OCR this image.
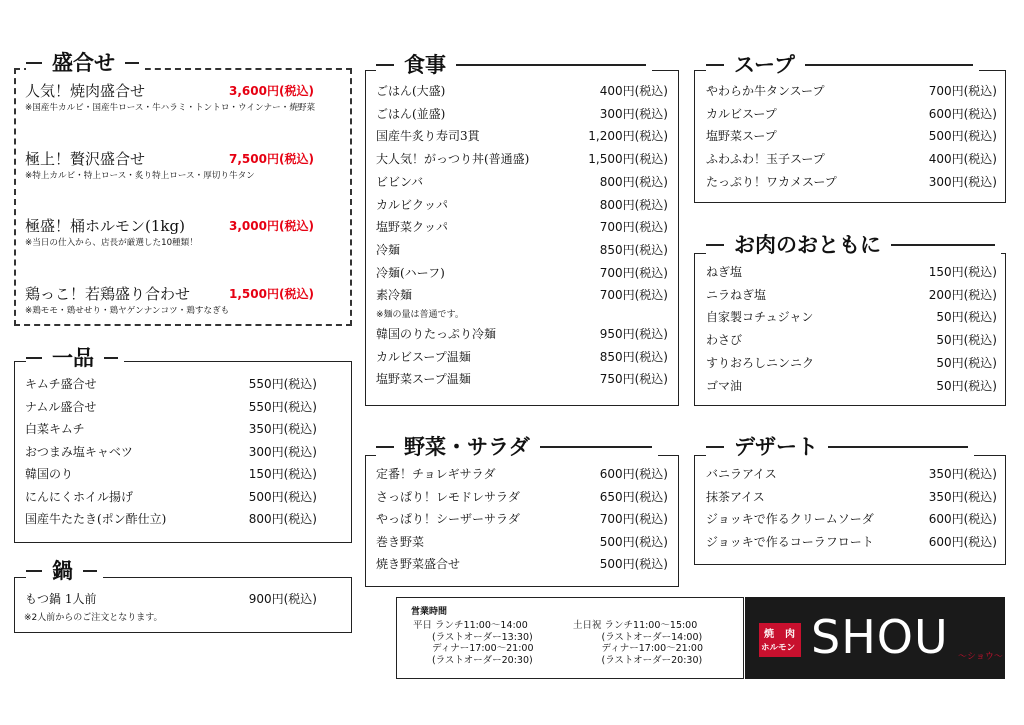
盛合せ
人気！焼肉盛合せ	3,600円(税込)
※国産牛カルビ・国産牛ロース・牛ハラミ・トントロ・ウインナー・焼野菜
極上！贅沢盛合せ	7,500円(税込)
※特上カルビ・特上ロース・炙り特上ロース・厚切り牛タン
極盛！桶ホルモン(1kg)	3,000円(税込)
※当日の仕入から、店長が厳選した10種類！
鶏っこ！若鶏盛り合わせ	1,500円(税込)
※鶏モモ・鶏せせり・鶏ヤゲンナンコツ・鶏すなぎも
一品
キムチ盛合せ	550円(税込)
ナムル盛合せ	550円(税込)
白菜キムチ	350円(税込)
おつまみ塩キャベツ	300円(税込)
韓国のり	150円(税込)
にんにくホイル揚げ	500円(税込)
国産牛たたき(ポン酢仕立)	800円(税込)
鍋
もつ鍋 1人前	900円(税込)
※2人前からのご注文となります。
食事
ごはん(大盛)	400円(税込)
ごはん(並盛)	300円(税込)
国産牛炙り寿司3貫	1,200円(税込)
大人気！がっつり丼(普通盛)	1,500円(税込)
ビビンバ	800円(税込)
カルビクッパ	800円(税込)
塩野菜クッパ	700円(税込)
冷麺	850円(税込)
冷麺(ハーフ)	700円(税込)
素冷麺	700円(税込)
韓国のりたっぷり冷麺	950円(税込)
カルビスープ温麺	850円(税込)
塩野菜スープ温麺	750円(税込)
※麺の量は普通です。
野菜・サラダ
定番！チョレギサラダ	600円(税込)
さっぱり！レモドレサラダ	650円(税込)
やっぱり！シーザーサラダ	700円(税込)
巻き野菜	500円(税込)
焼き野菜盛合せ	500円(税込)
スープ
やわらか牛タンスープ	700円(税込)
カルビスープ	600円(税込)
塩野菜スープ	500円(税込)
ふわふわ！玉子スープ	400円(税込)
たっぷり！ワカメスープ	300円(税込)
お肉のおともに
ねぎ塩	150円(税込)
ニラねぎ塩	200円(税込)
自家製コチュジャン	50円(税込)
わさび	50円(税込)
すりおろしニンニク	50円(税込)
ゴマ油	50円(税込)
デザート
バニラアイス	350円(税込)
抹茶アイス	350円(税込)
ジョッキで作るクリームソーダ	600円(税込)
ジョッキで作るコーラフロート	600円(税込)
営業時間
平日 ランチ11:00～14:00
　　(ラストオーダー13:30)
　　ディナー17:00～21:00
　　(ラストオーダー20:30)
土日祝 ランチ11:00～15:00
　　　(ラストオーダー14:00)
　　　ディナー17:00～21:00
　　　(ラストオーダー20:30)
焼 肉
ホルモン SHOU ～ショウ～
